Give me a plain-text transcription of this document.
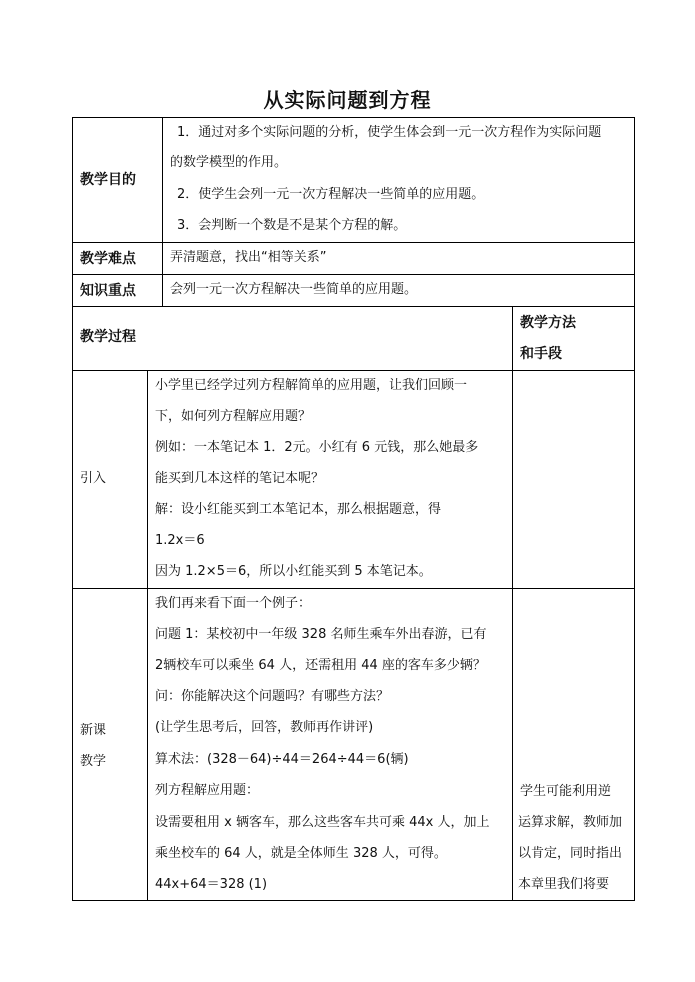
从实际问题到方程
教学目的
1．通过对多个实际问题的分析，使学生体会到一元一次方程作为实际问题
的数学模型的作用。
2．使学生会列一元一次方程解决一些简单的应用题。
3．会判断一个数是不是某个方程的解。
教学难点	弄清题意，找出“相等关系”
知识重点	会列一元一次方程解决一些简单的应用题。
教学过程
教学方法
和手段
引入
小学里已经学过列方程解简单的应用题，让我们回顾一
下，如何列方程解应用题？
例如：一本笔记本 1．2元。小红有 6 元钱，那么她最多
能买到几本这样的笔记本呢？
解：设小红能买到工本笔记本，那么根据题意，得
1.2x＝6
因为 1.2×5＝6，所以小红能买到 5 本笔记本。
新课
教学
我们再来看下面一个例子：
问题 1：某校初中一年级 328 名师生乘车外出春游，已有
2辆校车可以乘坐 64 人，还需租用 44 座的客车多少辆？
问：你能解决这个问题吗？有哪些方法？
(让学生思考后，回答，教师再作讲评)
算术法：(328－64)÷44＝264÷44＝6(辆)
列方程解应用题：
设需要租用 x 辆客车，那么这些客车共可乘 44x 人，加上
乘坐校车的 64 人，就是全体师生 328 人，可得。
44x+64＝328 (1)
学生可能利用逆
运算求解，教师加
以肯定，同时指出
本章里我们将要
